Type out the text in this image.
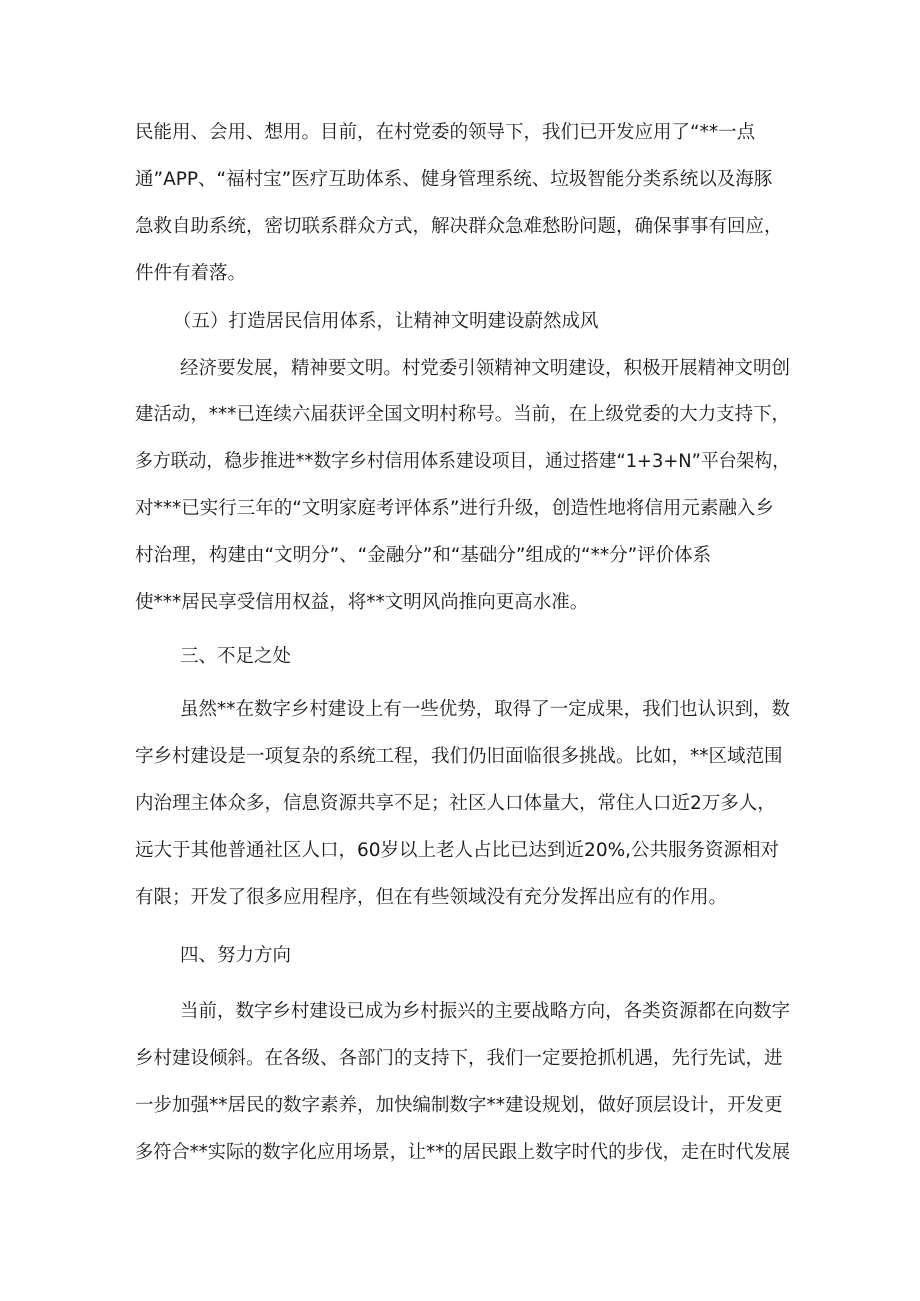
民能用、会用、想用。目前，在村党委的领导下，我们已开发应用了“**一点

通”APP、“福村宝”医疗互助体系、健身管理系统、垃圾智能分类系统以及海豚

急救自助系统，密切联系群众方式，解决群众急难愁盼问题，确保事事有回应，

件件有着落。

（五）打造居民信用体系，让精神文明建设蔚然成风

经济要发展，精神要文明。村党委引领精神文明建设，积极开展精神文明创

建活动，***已连续六届获评全国文明村称号。当前，在上级党委的大力支持下，

多方联动，稳步推进**数字乡村信用体系建设项目，通过搭建“1+3+N”平台架构，

对***已实行三年的“文明家庭考评体系”进行升级，创造性地将信用元素融入乡

村治理，构建由“文明分”、“金融分”和“基础分”组成的“**分”评价体系

使***居民享受信用权益，将**文明风尚推向更高水准。

三、不足之处

虽然**在数字乡村建设上有一些优势，取得了一定成果，我们也认识到，数

字乡村建设是一项复杂的系统工程，我们仍旧面临很多挑战。比如，**区域范围

内治理主体众多，信息资源共享不足；社区人口体量大，常住人口近2万多人，

远大于其他普通社区人口，60岁以上老人占比已达到近20%,公共服务资源相对

有限；开发了很多应用程序，但在有些领域没有充分发挥出应有的作用。

四、努力方向

当前，数字乡村建设已成为乡村振兴的主要战略方向，各类资源都在向数字

乡村建设倾斜。在各级、各部门的支持下，我们一定要抢抓机遇，先行先试，进

一步加强**居民的数字素养，加快编制数字**建设规划，做好顶层设计，开发更

多符合**实际的数字化应用场景，让**的居民跟上数字时代的步伐，走在时代发展
